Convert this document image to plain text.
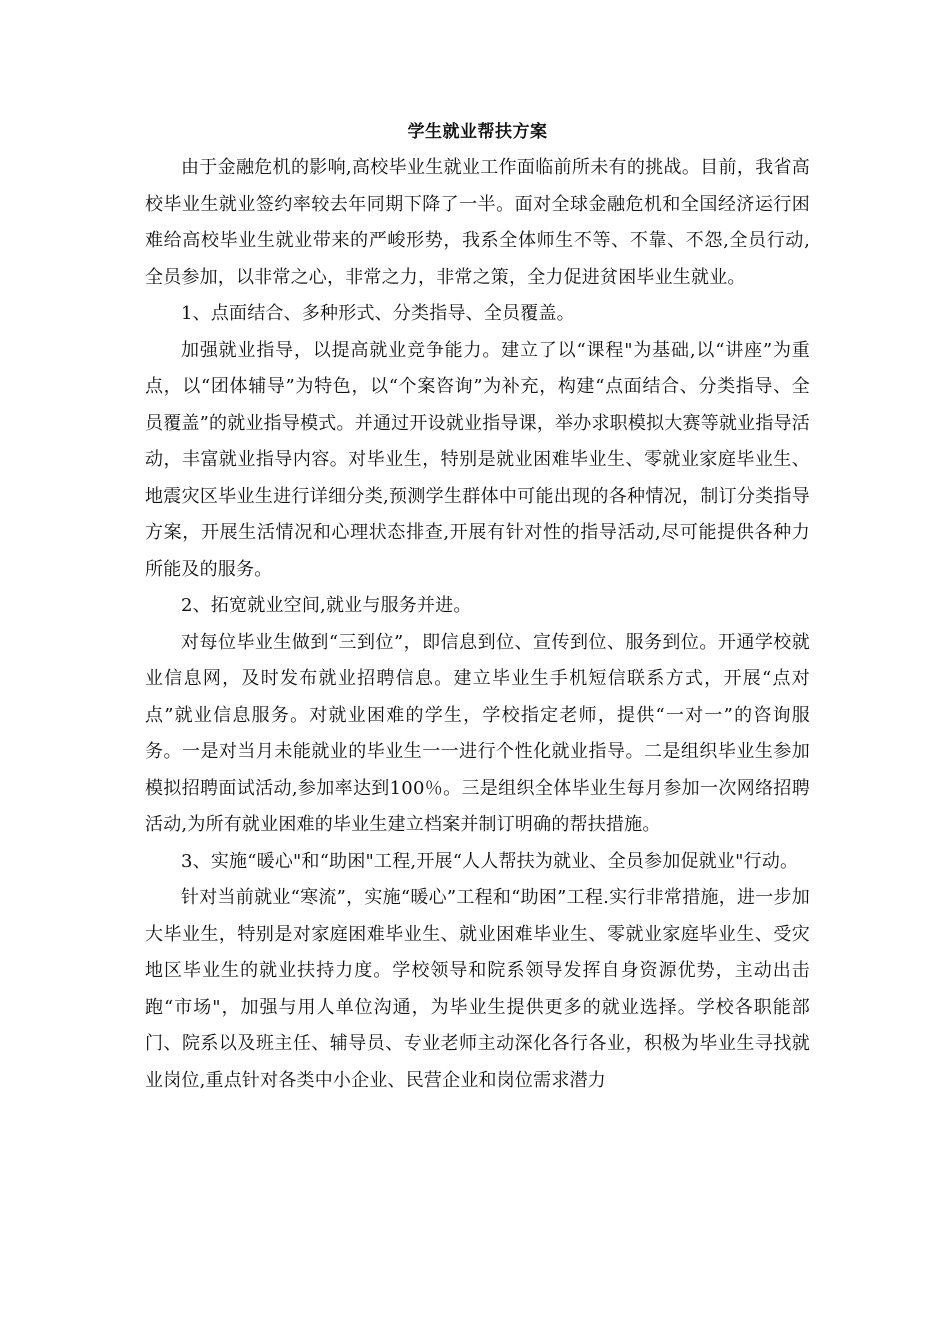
学生就业帮扶方案

由于金融危机的影响,高校毕业生就业工作面临前所未有的挑战。目前，我省高校毕业生就业签约率较去年同期下降了一半。面对全球金融危机和全国经济运行困难给高校毕业生就业带来的严峻形势，我系全体师生不等、不靠、不怨,全员行动,全员参加，以非常之心，非常之力，非常之策，全力促进贫困毕业生就业。

1、点面结合、多种形式、分类指导、全员覆盖。

加强就业指导，以提高就业竞争能力。建立了以“课程"为基础,以“讲座”为重点，以“团体辅导”为特色，以“个案咨询”为补充，构建“点面结合、分类指导、全员覆盖”的就业指导模式。并通过开设就业指导课，举办求职模拟大赛等就业指导活动，丰富就业指导内容。对毕业生，特别是就业困难毕业生、零就业家庭毕业生、地震灾区毕业生进行详细分类,预测学生群体中可能出现的各种情况，制订分类指导方案，开展生活情况和心理状态排查,开展有针对性的指导活动,尽可能提供各种力所能及的服务。

2、拓宽就业空间,就业与服务并进。

对每位毕业生做到“三到位”，即信息到位、宣传到位、服务到位。开通学校就业信息网，及时发布就业招聘信息。建立毕业生手机短信联系方式，开展“点对点”就业信息服务。对就业困难的学生，学校指定老师，提供“一对一”的咨询服务。一是对当月未能就业的毕业生一一进行个性化就业指导。二是组织毕业生参加模拟招聘面试活动,参加率达到100％。三是组织全体毕业生每月参加一次网络招聘活动,为所有就业困难的毕业生建立档案并制订明确的帮扶措施。

3、实施“暖心"和“助困"工程,开展“人人帮扶为就业、全员参加促就业"行动。

针对当前就业“寒流”，实施“暖心”工程和“助困”工程.实行非常措施，进一步加大毕业生，特别是对家庭困难毕业生、就业困难毕业生、零就业家庭毕业生、受灾地区毕业生的就业扶持力度。学校领导和院系领导发挥自身资源优势，主动出击跑“市场"，加强与用人单位沟通，为毕业生提供更多的就业选择。学校各职能部门、院系以及班主任、辅导员、专业老师主动深化各行各业，积极为毕业生寻找就业岗位,重点针对各类中小企业、民营企业和岗位需求潜力
